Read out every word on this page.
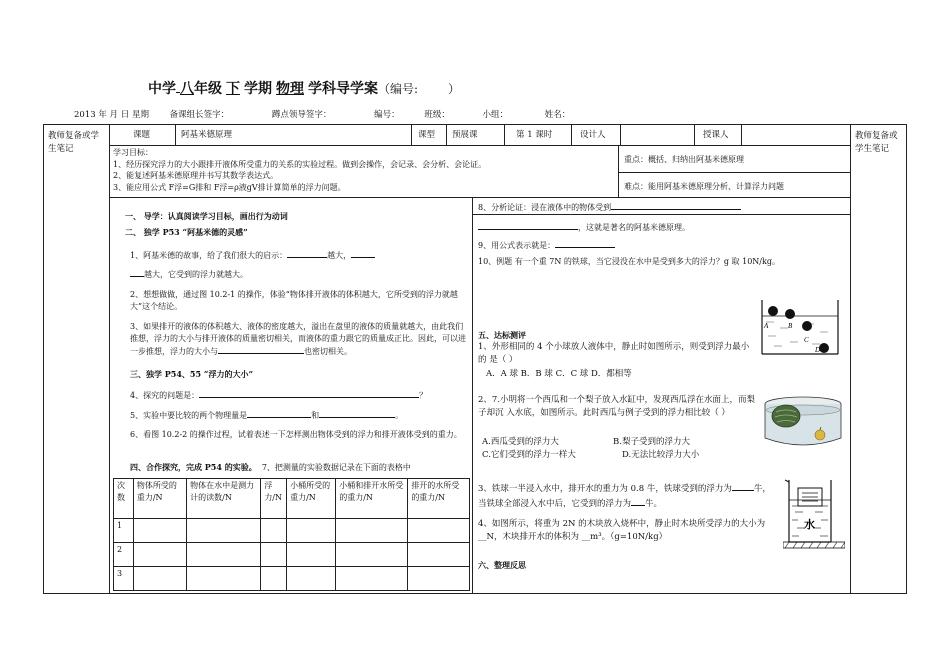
中学 八年级 下 学期 物理 学科导学案（编号:	）
2013 年 月 日 星期 备课组长签字：	蹲点领导签字：	编号：	班级：	小组：	姓名：
教师复备或学生笔记
教师复备或学生笔记
课题	阿基米德原理	课型 预展课	第 1 课时	设计人	授课人
学习目标：
1、经历探究浮力的大小跟排开液体所受重力的关系的实验过程。做到会操作，会记录、会分析、会论证。
2、能复述阿基米德原理并书写其数学表达式。
3、能应用公式 F浮=G排和 F浮=ρ液gV排计算简单的浮力问题。
重点：概括、归纳出阿基米德原理
难点：能用阿基米德原理分析、计算浮力问题
一、 导学：认真阅读学习目标，画出行为动词
二、 独学 P53 “阿基米德的灵感”
1、阿基米德的故事，给了我们很大的启示：	越大，
越大，它受到的浮力就越大。
2、想想做做，通过图 10.2-1 的操作，体验“物体排开液体的体积越大，它所受到的浮力就越大”这个结论。
3、如果排开的液体的体积越大、液体的密度越大，溢出在盘里的液体的质量就越大，由此我们推想，浮力的大小与排开液体的质量密切相关，而液体的重力跟它的质量成正比。因此，可以进一步推想，浮力的大小与	也密切相关。
三、独学 P54、55 “浮力的大小”
4、探究的问题是：	？
5、实验中要比较的两个物理量是	和	。
6、看图 10.2-2 的操作过程，试着表述一下怎样测出物体受到的浮力和排开液体受到的重力。
四、合作探究，完成 P54 的实验。 7、把测量的实验数据记录在下面的表格中
次数	物体所受的重力/N	物体在水中是测力计的读数/N	浮力/N	小桶所受的重力/N	小桶和排开水所受的重力/N	排开的水所受的重力/N
1						
2						
3						
8、分析论证：浸在液体中的物体受到
，这就是著名的阿基米德原理。
9、用公式表示就是：
10、例题 有一个重 7N 的铁球，当它浸没在水中是受到多大的浮力？g 取 10N/kg。
五、达标测评
1、外形相同的 4 个小球放人液体中，静止时如图所示，则受到浮力最小的 是（ ）
A．A 球 B．B 球 C．C 球 D．都相等
A	B
C
D
2、7.小明将一个西瓜和一个梨子放入水缸中，发现西瓜浮在水面上，而梨子却沉 入水底，如图所示。此时西瓜与例子受到的浮力相比较（ ）
A.西瓜受到的浮力大	B.梨子受到的浮力大
C.它们受到的浮力一样大	D.无法比较浮力大小
3、铁球一半浸入水中，排开水的重力为 0.8 牛，铁球受到的浮力为	牛，当铁球全部浸入水中后，它受到的浮力为 牛。
4、如图所示，将重为 2N 的木块放入烧杯中，静止时木块所受浮力的大小为 __N，木块排开水的体积为 __m³。（g=10N/kg）
水
六、整理反思
